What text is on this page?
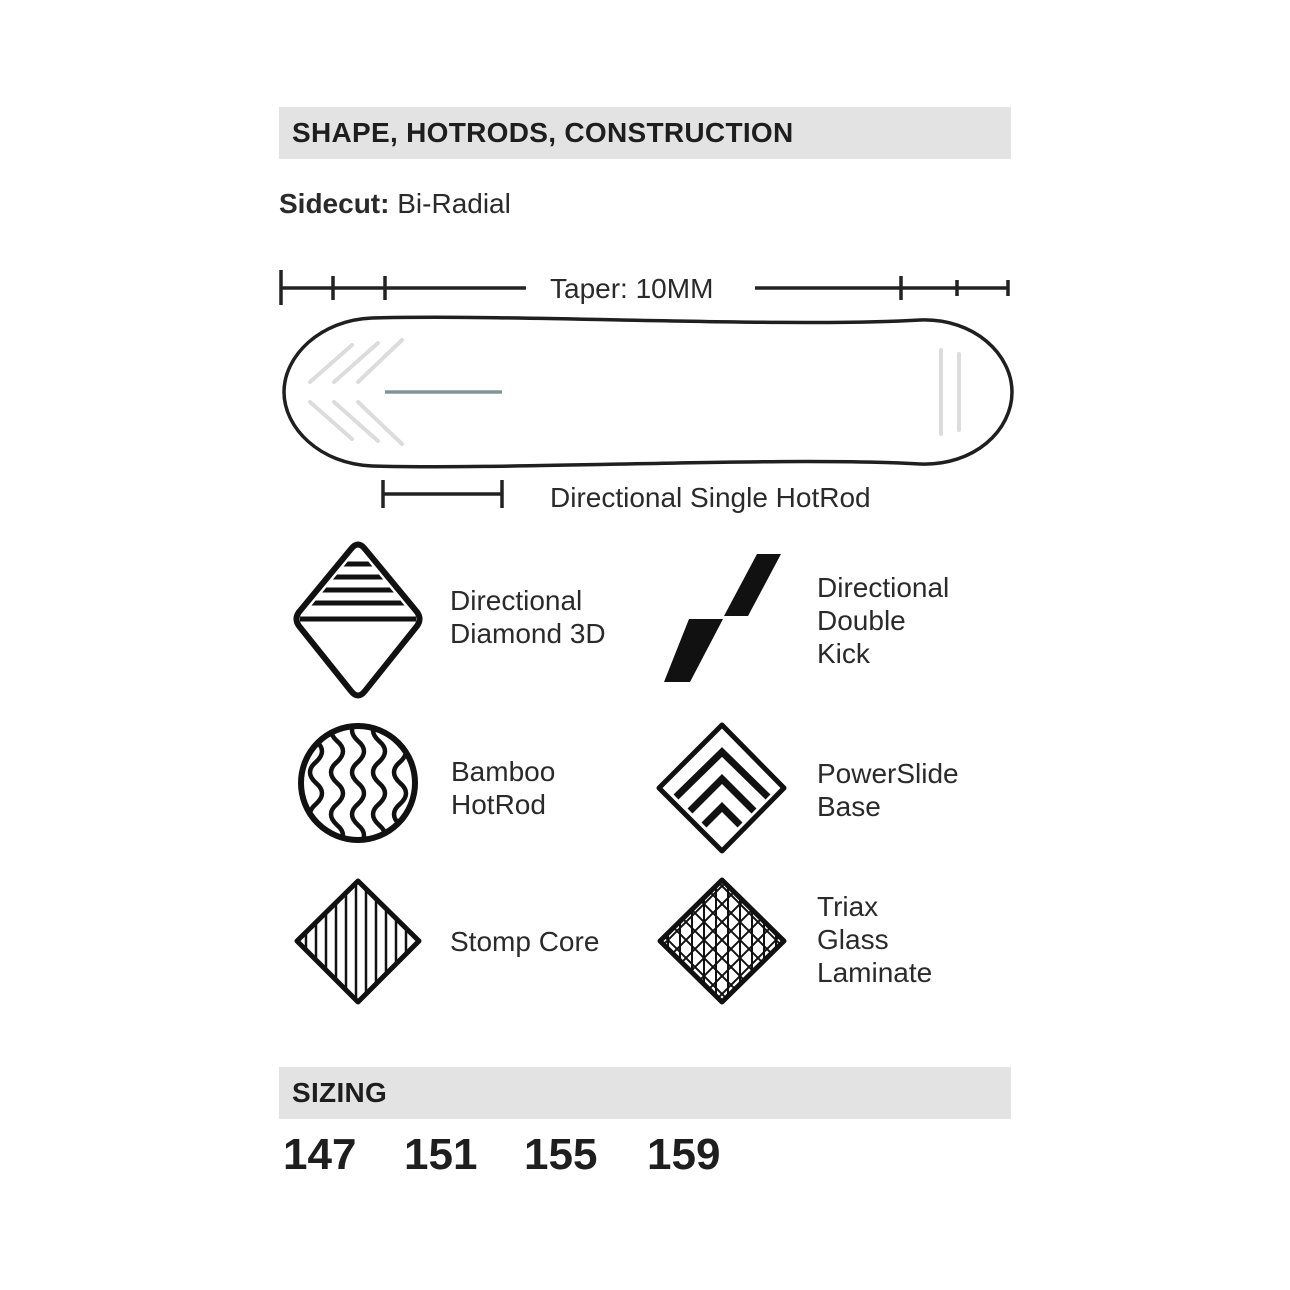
SHAPE, HOTRODS, CONSTRUCTION
Sidecut: Bi-Radial
Taper: 10MM
Directional Single HotRod
Directional
Diamond 3D
Directional
Double
Kick
Bamboo
HotRod
PowerSlide
Base
Stomp Core
Triax
Glass
Laminate
SIZING
147 151 155 159
